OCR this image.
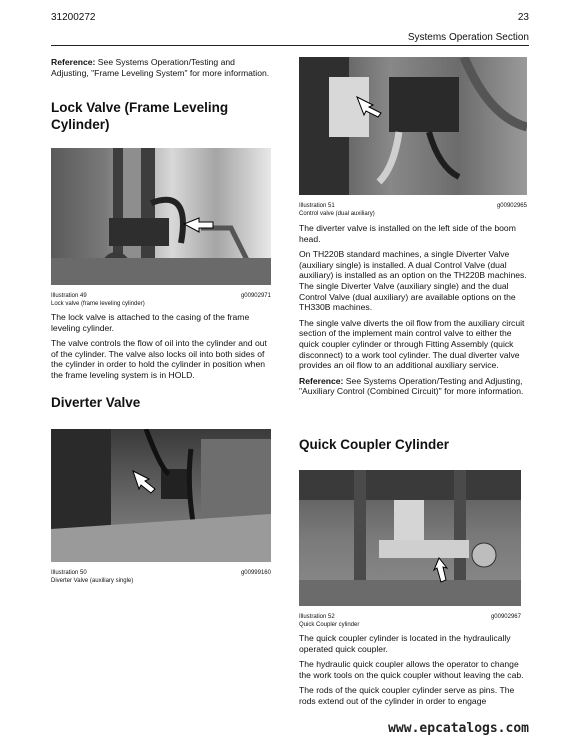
31200272	23
Systems Operation Section

Reference: See Systems Operation/Testing and Adjusting, "Frame Leveling System" for more information.

Lock Valve (Frame Leveling Cylinder)
Illustration 49	g00902971
Lock valve (frame leveling cylinder)

The lock valve is attached to the casing of the frame leveling cylinder.

The valve controls the flow of oil into the cylinder and out of the cylinder. The valve also locks oil into both sides of the cylinder in order to hold the cylinder in position when the frame leveling system is in HOLD.

Diverter Valve
Illustration 50	g00999160
Diverter Valve (auxiliary single)
Illustration 51	g00902965
Control valve (dual auxiliary)

The diverter valve is installed on the left side of the boom head.

On TH220B standard machines, a single Diverter Valve (auxiliary single) is installed. A dual Control Valve (dual auxiliary) is installed as an option on the TH220B machines. The single Diverter Valve (auxiliary single) and the dual Control Valve (dual auxiliary) are available options on the TH330B machines.

The single valve diverts the oil flow from the auxiliary circuit section of the implement main control valve to either the quick coupler cylinder or through Fitting Assembly (quick disconnect) to a work tool cylinder. The dual diverter valve provides an oil flow to an additional auxiliary service.

Reference: See Systems Operation/Testing and Adjusting, "Auxiliary Control (Combined Circuit)" for more information.

Quick Coupler Cylinder
Illustration 52	g00902967
Quick Coupler cylinder

The quick coupler cylinder is located in the hydraulically operated quick coupler.

The hydraulic quick coupler allows the operator to change the work tools on the quick coupler without leaving the cab.

The rods of the quick coupler cylinder serve as pins. The rods extend out of the cylinder in order to engage

www.epcatalogs.com
